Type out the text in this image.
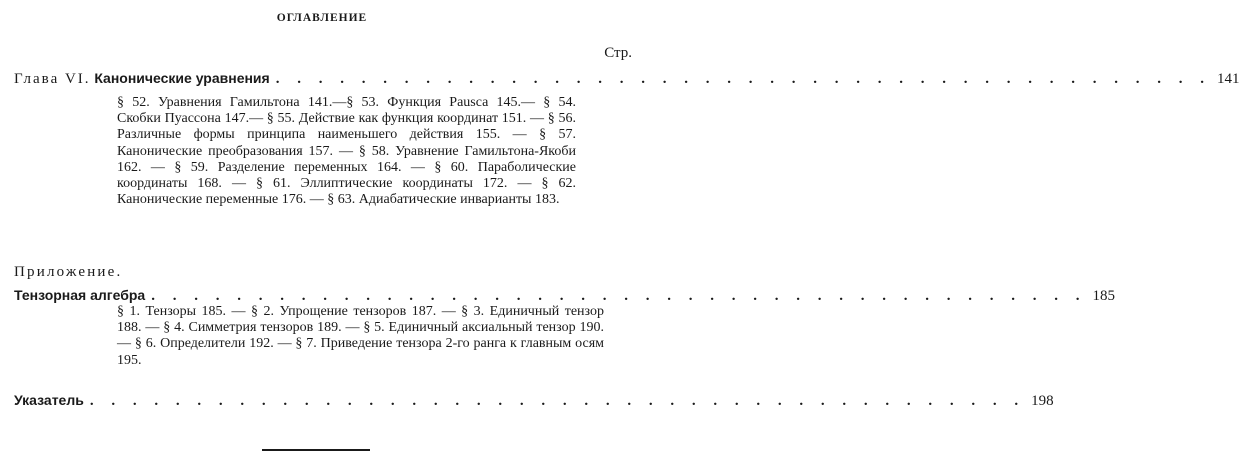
ОГЛАВЛЕНИЕ
Стр.
Глава VI. Канонические уравнения . . . . . . . . . . . . . . . . . . . . . . . . . . . . . . . . . . . . . . . . . . . . 141
§ 52. Уравнения Гамильтона 141.—§ 53. Функция Рausса 145.— § 54. Скобки Пуассона 147.— § 55. Действие как функция координат 151. — § 56. Различные формы принципа наименьшего действия 155. — § 57. Канонические преобразования 157. — § 58. Уравнение Гамильтона-Якоби 162. — § 59. Разделение переменных 164. — § 60. Параболические координаты 168. — § 61. Эллиптические координаты 172. — § 62. Канонические переменные 176. — § 63. Адиабатические инварианты 183.
Приложение.
Тензорная алгебра . . . . . . . . . . . . . . . . . . . . . . . . . . . . . . . . . . . . . . . . . . . . 185
§ 1. Тензоры 185. — § 2. Упрощение тензоров 187. — § 3. Единичный тензор 188. — § 4. Симметрия тензоров 189. — § 5. Единичный аксиальный тензор 190. — § 6. Определители 192. — § 7. Приведение тензора 2-го ранга к главным осям 195.
Указатель . . . . . . . . . . . . . . . . . . . . . . . . . . . . . . . . . . . . . . . . . . . . 198
